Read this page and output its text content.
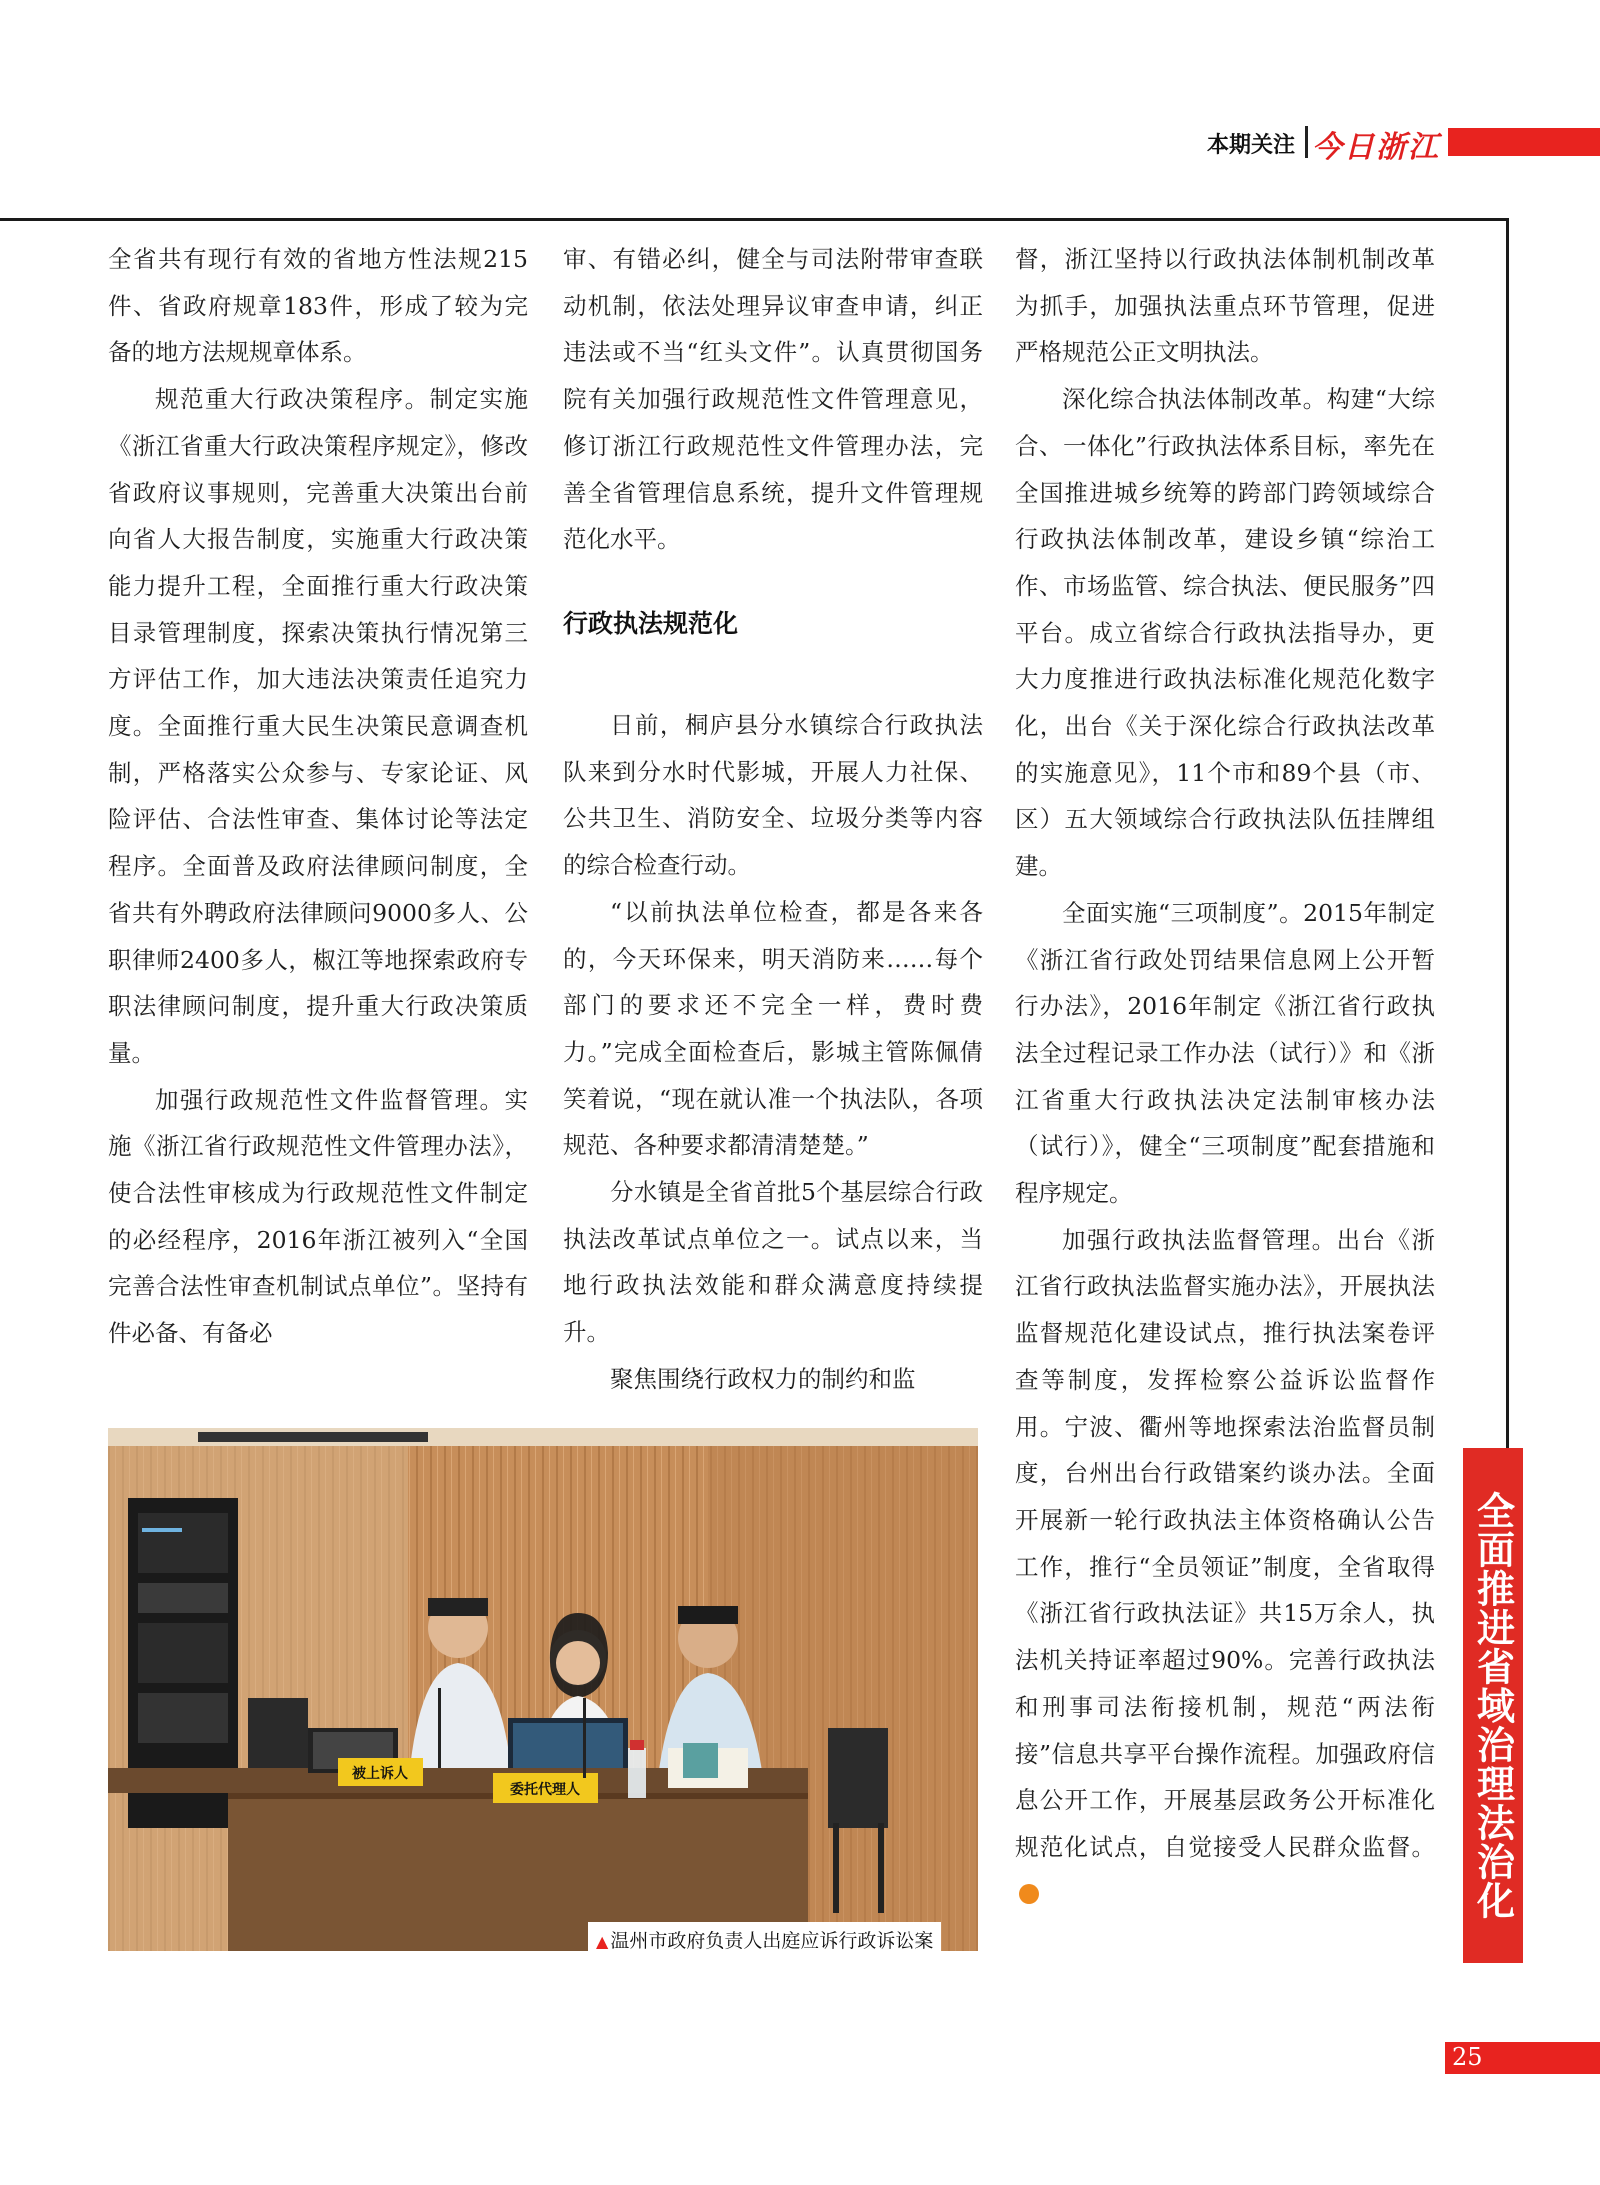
本期关注 今日浙江

全省共有现行有效的省地方性法规215件、省政府规章183件，形成了较为完备的地方法规规章体系。

规范重大行政决策程序。制定实施《浙江省重大行政决策程序规定》，修改省政府议事规则，完善重大决策出台前向省人大报告制度，实施重大行政决策能力提升工程，全面推行重大行政决策目录管理制度，探索决策执行情况第三方评估工作，加大违法决策责任追究力度。全面推行重大民生决策民意调查机制，严格落实公众参与、专家论证、风险评估、合法性审查、集体讨论等法定程序。全面普及政府法律顾问制度，全省共有外聘政府法律顾问9000多人、公职律师2400多人，椒江等地探索政府专职法律顾问制度，提升重大行政决策质量。

加强行政规范性文件监督管理。实施《浙江省行政规范性文件管理办法》，使合法性审核成为行政规范性文件制定的必经程序，2016年浙江被列入“全国完善合法性审查机制试点单位”。坚持有件必备、有备必

审、有错必纠，健全与司法附带审查联动机制，依法处理异议审查申请，纠正违法或不当“红头文件”。认真贯彻国务院有关加强行政规范性文件管理意见，修订浙江行政规范性文件管理办法，完善全省管理信息系统，提升文件管理规范化水平。

行政执法规范化

日前，桐庐县分水镇综合行政执法队来到分水时代影城，开展人力社保、公共卫生、消防安全、垃圾分类等内容的综合检查行动。

“以前执法单位检查，都是各来各的，今天环保来，明天消防来……每个部门的要求还不完全一样，费时费力。”完成全面检查后，影城主管陈佩倩笑着说，“现在就认准一个执法队，各项规范、各种要求都清清楚楚。”

分水镇是全省首批5个基层综合行政执法改革试点单位之一。试点以来，当地行政执法效能和群众满意度持续提升。

聚焦围绕行政权力的制约和监

督，浙江坚持以行政执法体制机制改革为抓手，加强执法重点环节管理，促进严格规范公正文明执法。

深化综合执法体制改革。构建“大综合、一体化”行政执法体系目标，率先在全国推进城乡统筹的跨部门跨领域综合行政执法体制改革，建设乡镇“综治工作、市场监管、综合执法、便民服务”四平台。成立省综合行政执法指导办，更大力度推进行政执法标准化规范化数字化，出台《关于深化综合行政执法改革的实施意见》，11个市和89个县（市、区）五大领域综合行政执法队伍挂牌组建。

全面实施“三项制度”。2015年制定《浙江省行政处罚结果信息网上公开暂行办法》，2016年制定《浙江省行政执法全过程记录工作办法（试行）》和《浙江省重大行政执法决定法制审核办法（试行）》，健全“三项制度”配套措施和程序规定。

加强行政执法监督管理。出台《浙江省行政执法监督实施办法》，开展执法监督规范化建设试点，推行执法案卷评查等制度，发挥检察公益诉讼监督作用。宁波、衢州等地探索法治监督员制度，台州出台行政错案约谈办法。全面开展新一轮行政执法主体资格确认公告工作，推行“全员领证”制度，全省取得《浙江省行政执法证》共15万余人，执法机关持证率超过90%。完善行政执法和刑事司法衔接机制，规范“两法衔接”信息共享平台操作流程。加强政府信息公开工作，开展基层政务公开标准化规范化试点，自觉接受人民群众监督。

被上诉人
委托代理人
▲ 温州市政府负责人出庭应诉行政诉讼案
全面推进省域治理法治化
25
